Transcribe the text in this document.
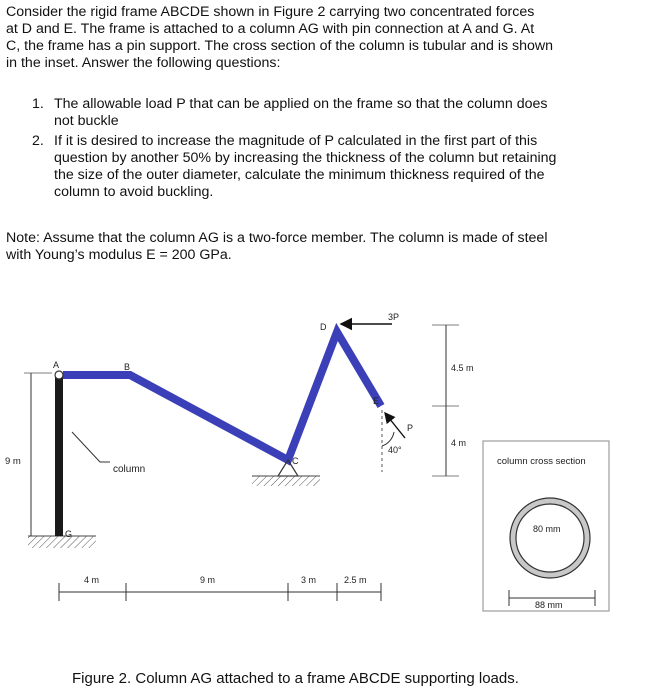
Consider the rigid frame ABCDE shown in Figure 2 carrying two concentrated forces
at D and E. The frame is attached to a column AG with pin connection at A and G. At
C, the frame has a pin support. The cross section of the column is tubular and is shown
in the inset. Answer the following questions:
1. The allowable load P that can be applied on the frame so that the column does
not buckle
2. If it is desired to increase the magnitude of P calculated in the first part of this
question by another 50% by increasing the thickness of the column but retaining
the size of the outer diameter, calculate the minimum thickness required of the
column to avoid buckling.
Note: Assume that the column AG is a two-force member. The column is made of steel
with Young’s modulus E = 200 GPa.
A	B
C
D
E
G
3P
P
40°
column
9 m
4.5 m
4 m
4 m	9 m	3 m	2.5 m
column cross section
80 mm
88 mm
Figure 2. Column AG attached to a frame ABCDE supporting loads.
